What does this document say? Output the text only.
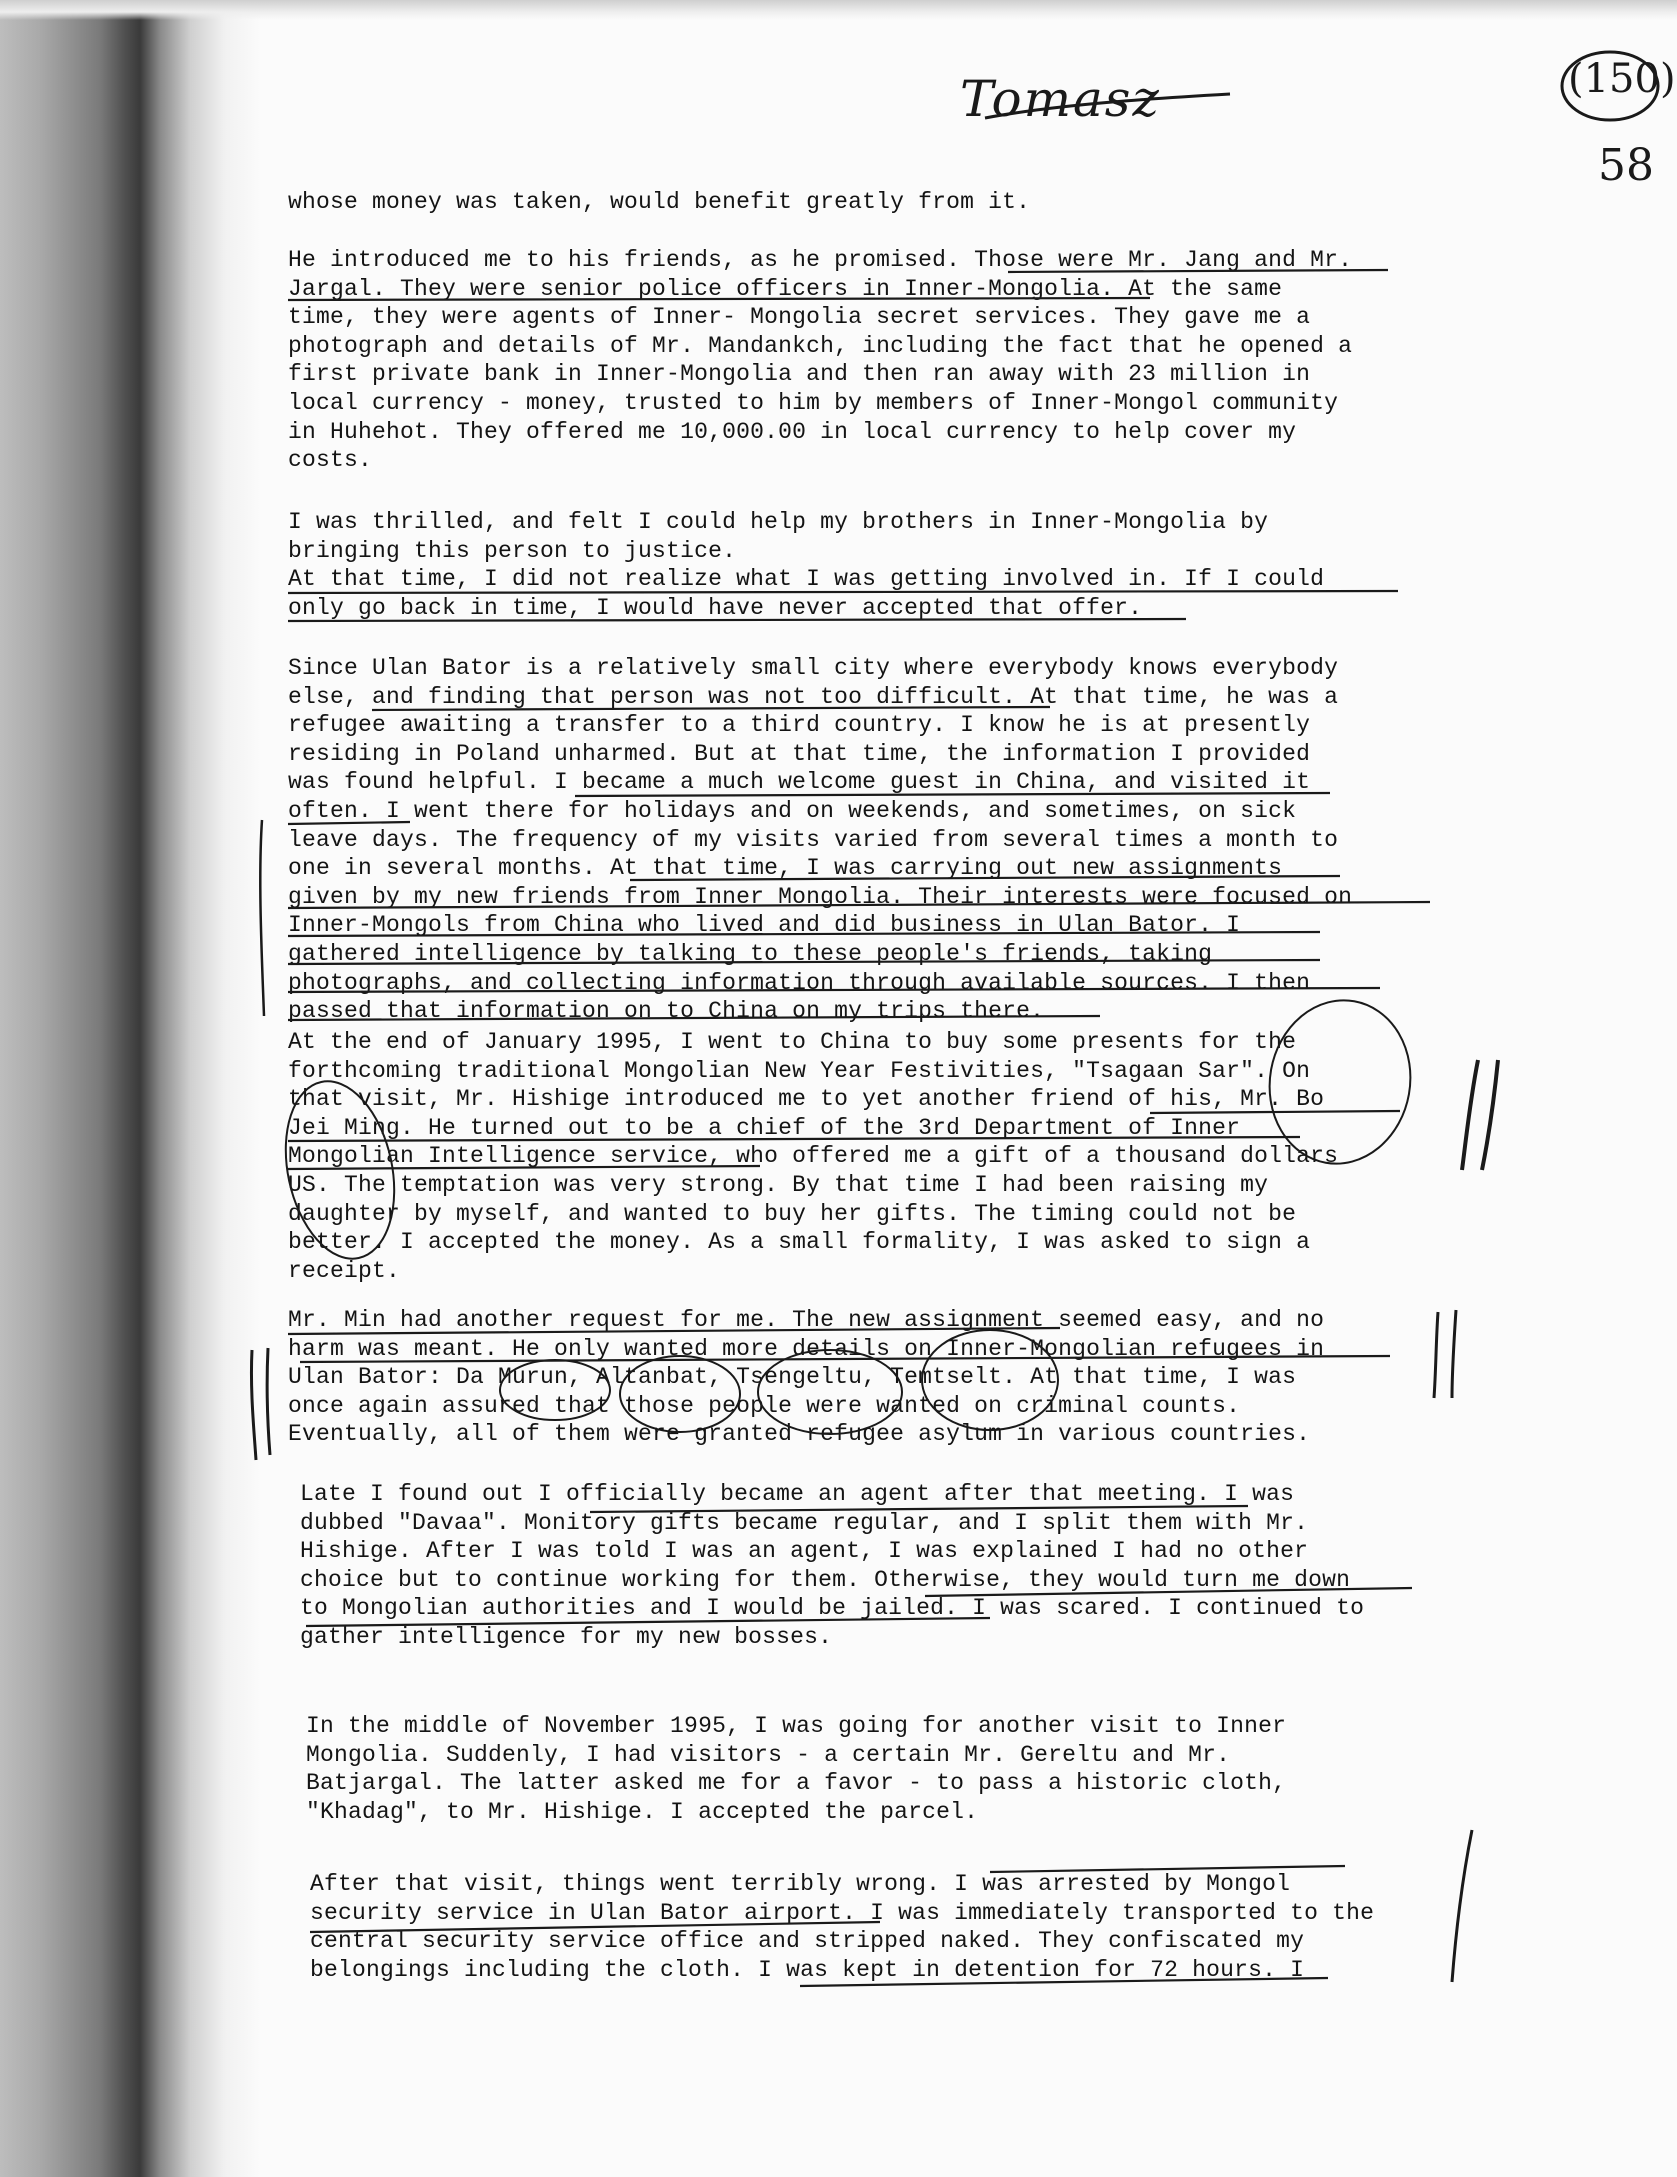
Tomasz	(150)
58

whose money was taken, would benefit greatly from it.

He introduced me to his friends, as he promised. Those were Mr. Jang and Mr.
Jargal. They were senior police officers in Inner-Mongolia. At the same
time, they were agents of Inner- Mongolia secret services. They gave me a
photograph and details of Mr. Mandankch, including the fact that he opened a
first private bank in Inner-Mongolia and then ran away with 23 million in
local currency - money, trusted to him by members of Inner-Mongol community
in Huhehot. They offered me 10,000.00 in local currency to help cover my
costs.

I was thrilled, and felt I could help my brothers in Inner-Mongolia by
bringing this person to justice.
At that time, I did not realize what I was getting involved in. If I could
only go back in time, I would have never accepted that offer.

Since Ulan Bator is a relatively small city where everybody knows everybody
else, and finding that person was not too difficult. At that time, he was a
refugee awaiting a transfer to a third country. I know he is at presently
residing in Poland unharmed. But at that time, the information I provided
was found helpful. I became a much welcome guest in China, and visited it
often. I went there for holidays and on weekends, and sometimes, on sick
leave days. The frequency of my visits varied from several times a month to
one in several months. At that time, I was carrying out new assignments
given by my new friends from Inner Mongolia. Their interests were focused on
Inner-Mongols from China who lived and did business in Ulan Bator. I
gathered intelligence by talking to these people's friends, taking
photographs, and collecting information through available sources. I then
passed that information on to China on my trips there.

At the end of January 1995, I went to China to buy some presents for the
forthcoming traditional Mongolian New Year Festivities, "Tsagaan Sar". On
that visit, Mr. Hishige introduced me to yet another friend of his, Mr. Bo
Jei Ming. He turned out to be a chief of the 3rd Department of Inner
Mongolian Intelligence service, who offered me a gift of a thousand dollars
US. The temptation was very strong. By that time I had been raising my
daughter by myself, and wanted to buy her gifts. The timing could not be
better. I accepted the money. As a small formality, I was asked to sign a
receipt.

Mr. Min had another request for me. The new assignment seemed easy, and no
harm was meant. He only wanted more details on Inner-Mongolian refugees in
Ulan Bator: Da Murun, Altanbat, Tsengeltu, Temtselt. At that time, I was
once again assured that those people were wanted on criminal counts.
Eventually, all of them were granted refugee asylum in various countries.

Late I found out I officially became an agent after that meeting. I was
dubbed "Davaa". Monitory gifts became regular, and I split them with Mr.
Hishige. After I was told I was an agent, I was explained I had no other
choice but to continue working for them. Otherwise, they would turn me down
to Mongolian authorities and I would be jailed. I was scared. I continued to
gather intelligence for my new bosses.

In the middle of November 1995, I was going for another visit to Inner
Mongolia. Suddenly, I had visitors - a certain Mr. Gereltu and Mr.
Batjargal. The latter asked me for a favor - to pass a historic cloth,
"Khadag", to Mr. Hishige. I accepted the parcel.

After that visit, things went terribly wrong. I was arrested by Mongol
security service in Ulan Bator airport. I was immediately transported to the
central security service office and stripped naked. They confiscated my
belongings including the cloth. I was kept in detention for 72 hours. I
